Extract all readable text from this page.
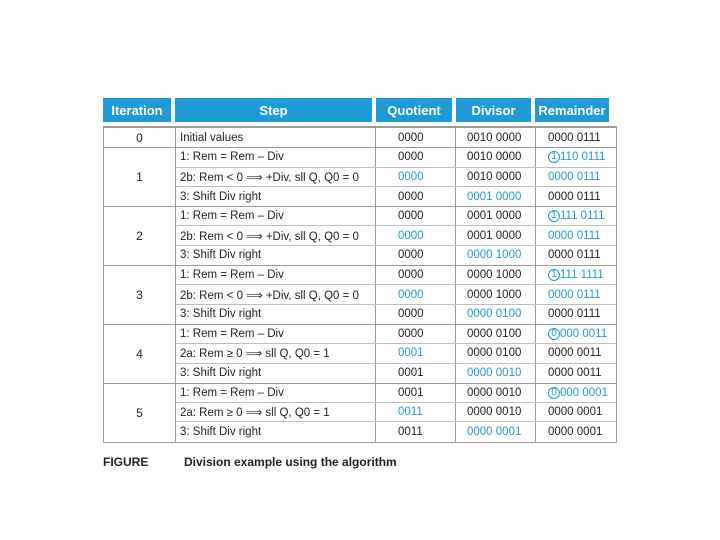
Iteration	Step	Quotient	Divisor	Remainder
0	Initial values	0000	0010 0000	0000 0111
1
1: Rem = Rem – Div	0000	0010 0000	1 110 0111
2b: Rem < 0 ⟹ +Div, sll Q, Q0 = 0	0000	0010 0000	0000 0111
3: Shift Div right	0000	0001 0000	0000 0111
2
1: Rem = Rem – Div	0000	0001 0000	1 111 0111
2b: Rem < 0 ⟹ +Div, sll Q, Q0 = 0	0000	0001 0000	0000 0111
3: Shift Div right	0000	0000 1000	0000 0111
3
1: Rem = Rem – Div	0000	0000 1000	1 111 1111
2b: Rem < 0 ⟹ +Div, sll Q, Q0 = 0	0000	0000 1000	0000 0111
3: Shift Div right	0000	0000 0100	0000 0111
4
1: Rem = Rem – Div	0000	0000 0100	0 000 0011
2a: Rem ≥ 0 ⟹ sll Q, Q0 = 1	0001	0000 0100	0000 0011
3: Shift Div right	0001	0000 0010	0000 0011
5
1: Rem = Rem – Div	0001	0000 0010	0 000 0001
2a: Rem ≥ 0 ⟹ sll Q, Q0 = 1	0011	0000 0010	0000 0001
3: Shift Div right	0011	0000 0001	0000 0001
FIGURE	Division example using the algorithm
